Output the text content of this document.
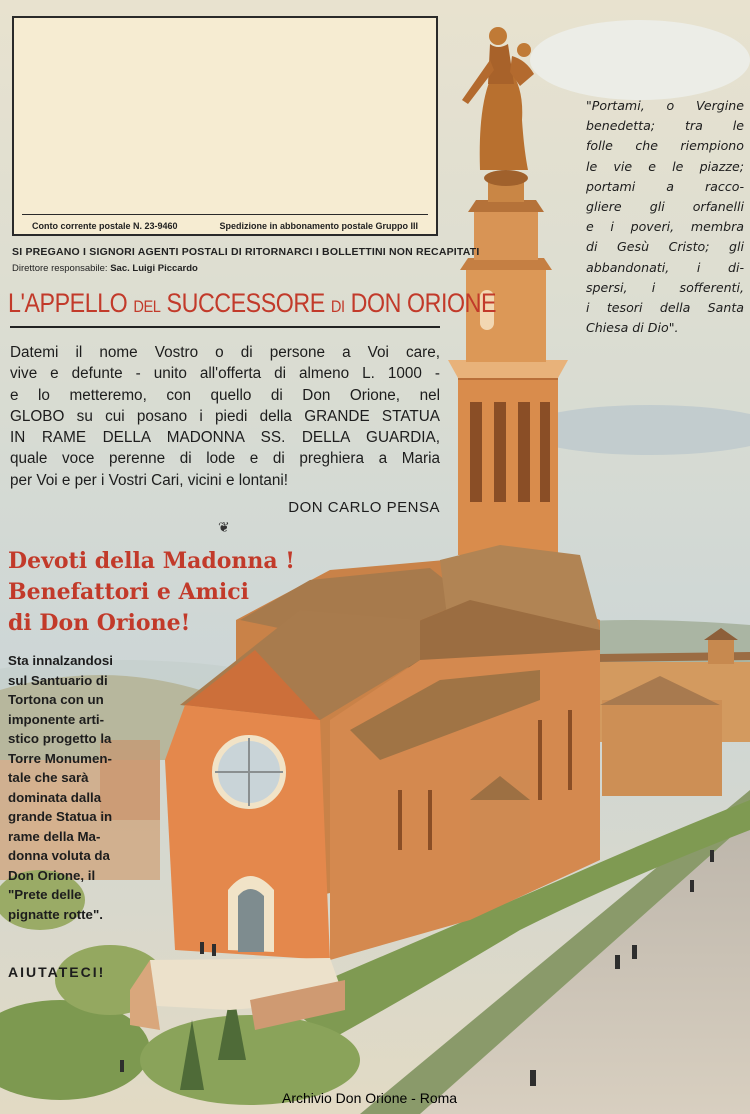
Conto corrente postale N. 23-9460	Spedizione in abbonamento postale Gruppo III
SI PREGANO I SIGNORI AGENTI POSTALI DI RITORNARCI I BOLLETTINI NON RECAPITATI
Direttore responsabile: Sac. Luigi Piccardo
L'APPELLO DEL SUCCESSORE DI DON ORIONE
Datemi il nome Vostro o di persone a Voi care,
vive e defunte - unito all'offerta di almeno L. 1000 -
e lo metteremo, con quello di Don Orione, nel
GLOBO su cui posano i piedi della GRANDE STATUA
IN RAME DELLA MADONNA SS. DELLA GUARDIA,
quale voce perenne di lode e di preghiera a Maria
per Voi e per i Vostri Cari, vicini e lontani!
DON CARLO PENSA
❦
Devoti della Madonna !
Benefattori e Amici
di Don Orione!
Sta innalzandosi
sul Santuario di
Tortona con un
imponente arti-
stico progetto la
Torre Monumen-
tale che sarà
dominata dalla
grande Statua in
rame della Ma-
donna voluta da
Don Orione, il
"Prete delle
pignatte rotte".
AIUTATECI!
"Portami, o Vergine
benedetta; tra le
folle che riempiono
le vie e le piazze;
portami a racco-
gliere gli orfanelli
e i poveri, membra
di Gesù Cristo; gli
abbandonati, i di-
spersi, i sofferenti,
i tesori della Santa
Chiesa di Dio".
Archivio Don Orione - Roma
